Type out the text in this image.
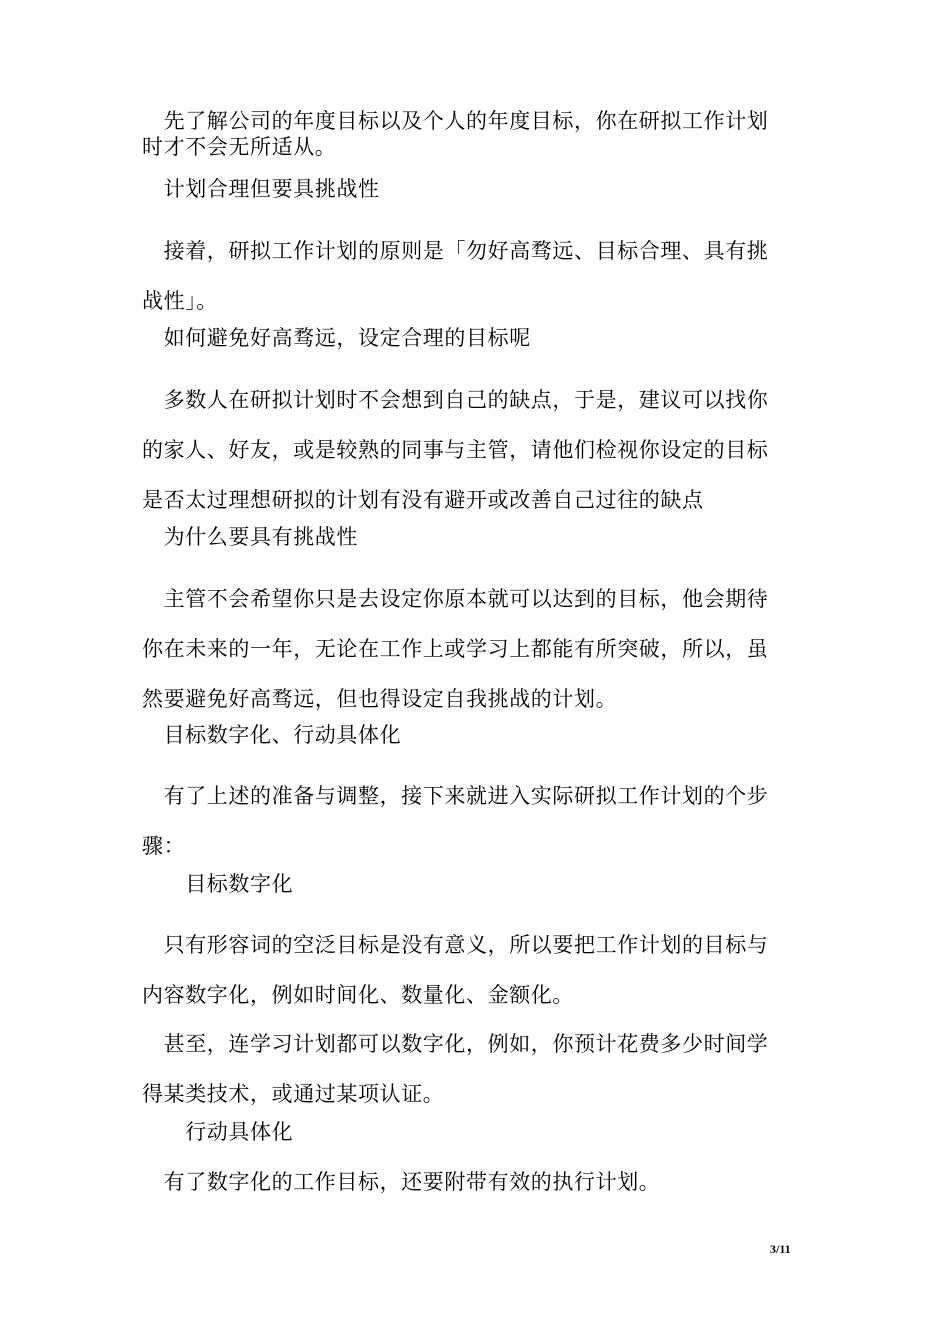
　先了解公司的年度目标以及个人的年度目标，你在研拟工作计划
时才不会无所适从。
　计划合理但要具挑战性
　接着，研拟工作计划的原则是「勿好高骛远、目标合理、具有挑
战性」。
　如何避免好高骛远，设定合理的目标呢
　多数人在研拟计划时不会想到自己的缺点，于是，建议可以找你
的家人、好友，或是较熟的同事与主管，请他们检视你设定的目标
是否太过理想研拟的计划有没有避开或改善自己过往的缺点
　为什么要具有挑战性
　主管不会希望你只是去设定你原本就可以达到的目标，他会期待
你在未来的一年，无论在工作上或学习上都能有所突破，所以，虽
然要避免好高骛远，但也得设定自我挑战的计划。
　目标数字化、行动具体化
　有了上述的准备与调整，接下来就进入实际研拟工作计划的个步
骤：
　　目标数字化
　只有形容词的空泛目标是没有意义，所以要把工作计划的目标与
内容数字化，例如时间化、数量化、金额化。
　甚至，连学习计划都可以数字化，例如，你预计花费多少时间学
得某类技术，或通过某项认证。
　　行动具体化
　有了数字化的工作目标，还要附带有效的执行计划。
3/11
